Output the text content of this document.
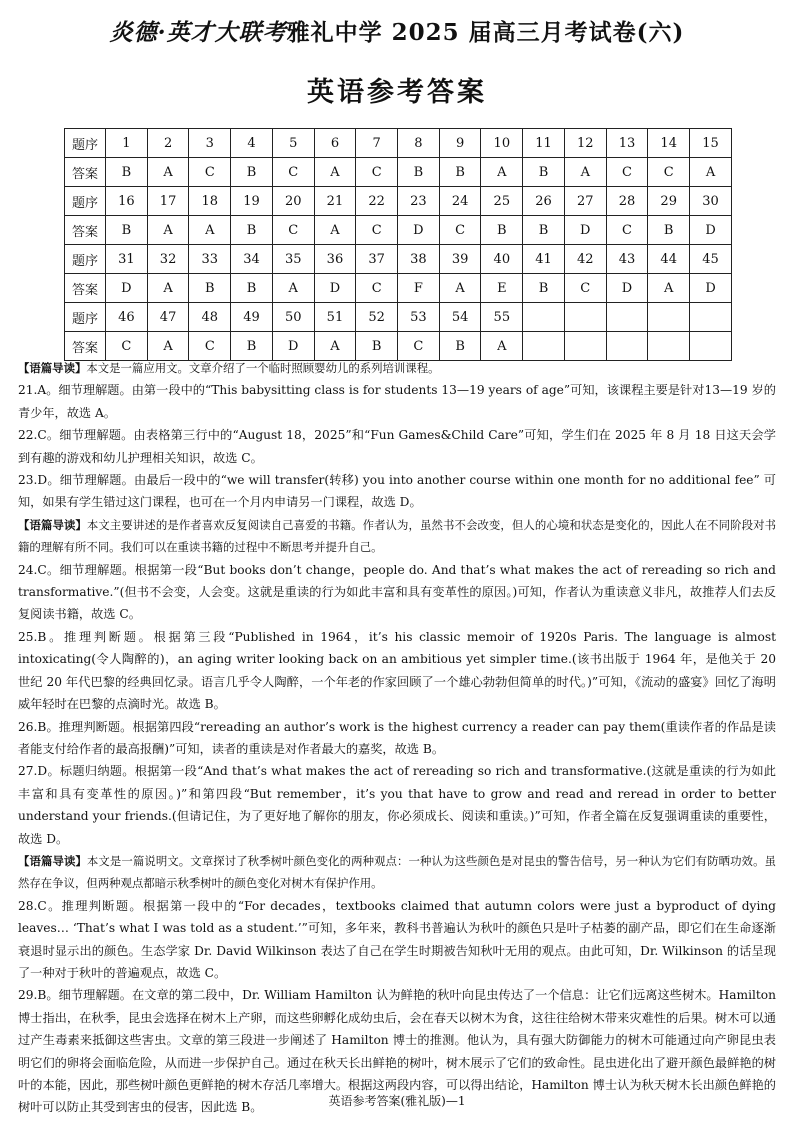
炎德·英才大联考雅礼中学 2025 届高三月考试卷(六)
英语参考答案
题序	1	2	3	4	5	6	7	8	9	10	11	12	13	14	15
答案	B	A	C	B	C	A	C	B	B	A	B	A	C	C	A
题序	16	17	18	19	20	21	22	23	24	25	26	27	28	29	30
答案	B	A	A	B	C	A	C	D	C	B	B	D	C	B	D
题序	31	32	33	34	35	36	37	38	39	40	41	42	43	44	45
答案	D	A	B	B	A	D	C	F	A	E	B	C	D	A	D
题序	46	47	48	49	50	51	52	53	54	55					
答案	C	A	C	B	D	A	B	C	B	A					

【语篇导读】本文是一篇应用文。文章介绍了一个临时照顾婴幼儿的系列培训课程。

21.A。细节理解题。由第一段中的“This babysitting class is for students 13—19 years of age”可知，该课程主要是针对13—19 岁的青少年，故选 A。

22.C。细节理解题。由表格第三行中的“August 18，2025”和“Fun Games&Child Care”可知，学生们在 2025 年 8 月 18 日这天会学到有趣的游戏和幼儿护理相关知识，故选 C。

23.D。细节理解题。由最后一段中的“we will transfer(转移) you into another course within one month for no additional fee” 可知，如果有学生错过这门课程，也可在一个月内申请另一门课程，故选 D。

【语篇导读】本文主要讲述的是作者喜欢反复阅读自己喜爱的书籍。作者认为，虽然书不会改变，但人的心境和状态是变化的，因此人在不同阶段对书籍的理解有所不同。我们可以在重读书籍的过程中不断思考并提升自己。

24.C。细节理解题。根据第一段“But books don’t change，people do. And that’s what makes the act of rereading so rich and transformative.”(但书不会变，人会变。这就是重读的行为如此丰富和具有变革性的原因。)可知，作者认为重读意义非凡，故推荐人们去反复阅读书籍，故选 C。

25.B。推理判断题。根据第三段“Published in 1964，it’s his classic memoir of 1920s Paris. The language is almost intoxicating(令人陶醉的)，an aging writer looking back on an ambitious yet simpler time.(该书出版于 1964 年，是他关于 20 世纪 20 年代巴黎的经典回忆录。语言几乎令人陶醉，一个年老的作家回顾了一个雄心勃勃但简单的时代。)”可知，《流动的盛宴》回忆了海明威年轻时在巴黎的点滴时光。故选 B。

26.B。推理判断题。根据第四段“rereading an author’s work is the highest currency a reader can pay them(重读作者的作品是读者能支付给作者的最高报酬)”可知，读者的重读是对作者最大的嘉奖，故选 B。

27.D。标题归纳题。根据第一段“And that’s what makes the act of rereading so rich and transformative.(这就是重读的行为如此丰富和具有变革性的原因。)”和第四段“But remember，it’s you that have to grow and read and reread in order to better understand your friends.(但请记住，为了更好地了解你的朋友，你必须成长、阅读和重读。)”可知，作者全篇在反复强调重读的重要性，故选 D。

【语篇导读】本文是一篇说明文。文章探讨了秋季树叶颜色变化的两种观点：一种认为这些颜色是对昆虫的警告信号，另一种认为它们有防晒功效。虽然存在争议，但两种观点都暗示秋季树叶的颜色变化对树木有保护作用。

28.C。推理判断题。根据第一段中的“For decades，textbooks claimed that autumn colors were just a byproduct of dying leaves… ‘That’s what I was told as a student.’”可知，多年来，教科书普遍认为秋叶的颜色只是叶子枯萎的副产品，即它们在生命逐渐衰退时显示出的颜色。生态学家 Dr. David Wilkinson 表达了自己在学生时期被告知秋叶无用的观点。由此可知，Dr. Wilkinson 的话呈现了一种对于秋叶的普遍观点，故选 C。

29.B。细节理解题。在文章的第二段中，Dr. William Hamilton 认为鲜艳的秋叶向昆虫传达了一个信息：让它们远离这些树木。Hamilton 博士指出，在秋季，昆虫会选择在树木上产卵，而这些卵孵化成幼虫后，会在春天以树木为食，这往往给树木带来灾难性的后果。树木可以通过产生毒素来抵御这些害虫。文章的第三段进一步阐述了 Hamilton 博士的推测。他认为，具有强大防御能力的树木可能通过向产卵昆虫表明它们的卵将会面临危险，从而进一步保护自己。通过在秋天长出鲜艳的树叶，树木展示了它们的致命性。昆虫进化出了避开颜色最鲜艳的树叶的本能，因此，那些树叶颜色更鲜艳的树木存活几率增大。根据这两段内容，可以得出结论，Hamilton 博士认为秋天树木长出颜色鲜艳的树叶可以防止其受到害虫的侵害，因此选 B。	英语参考答案(雅礼版)—1
